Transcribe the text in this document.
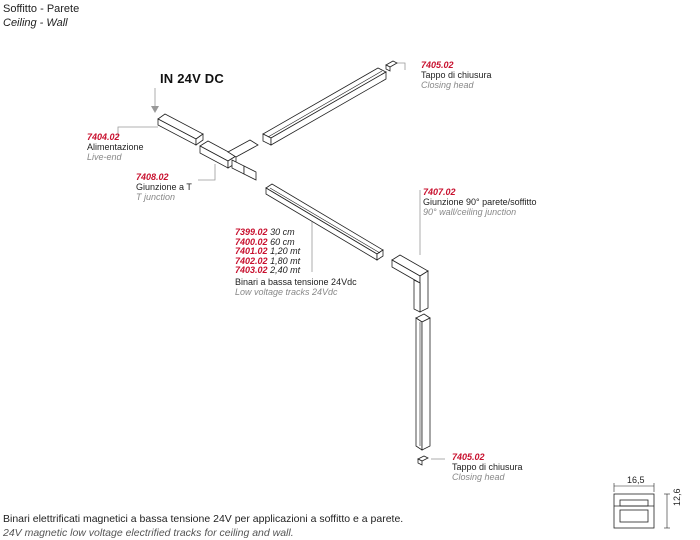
Soffitto - Parete
Ceiling - Wall
IN 24V DC
7404.02
Alimentazione
Live-end
7408.02
Giunzione a T
T junction
7405.02
Tappo di chiusura
Closing head
7407.02
Giunzione 90° parete/soffitto
90° wall/ceiling junction
7399.02 30 cm
7400.02 60 cm
7401.02 1,20 mt
7402.02 1,80 mt
7403.02 2,40 mt
Binari a bassa tensione 24Vdc
Low voltage tracks 24Vdc
7405.02
Tappo di chiusura
Closing head	16,5
12,6
Binari elettrificati magnetici a bassa tensione 24V per applicazioni a soffitto e a parete.
24V magnetic low voltage electrified tracks for ceiling and wall.
